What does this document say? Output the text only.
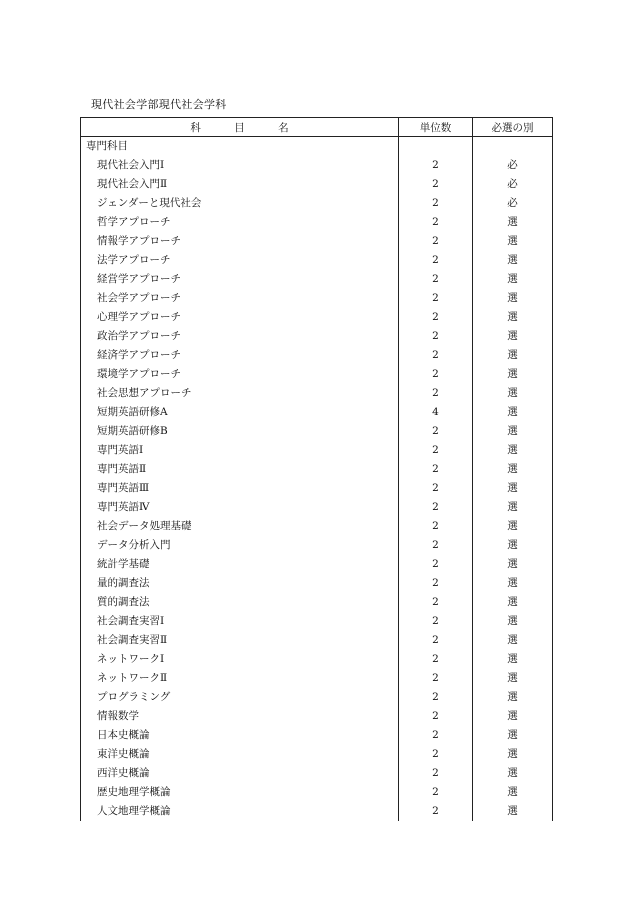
現代社会学部現代社会学科
科 目 名	単位数	必選の別
専門科目		
現代社会入門Ⅰ	2	必
現代社会入門Ⅱ	2	必
ジェンダーと現代社会	2	必
哲学アプローチ	2	選
情報学アプローチ	2	選
法学アプローチ	2	選
経営学アプローチ	2	選
社会学アプローチ	2	選
心理学アプローチ	2	選
政治学アプローチ	2	選
経済学アプローチ	2	選
環境学アプローチ	2	選
社会思想アプローチ	2	選
短期英語研修A	4	選
短期英語研修B	2	選
専門英語Ⅰ	2	選
専門英語Ⅱ	2	選
専門英語Ⅲ	2	選
専門英語Ⅳ	2	選
社会データ処理基礎	2	選
データ分析入門	2	選
統計学基礎	2	選
量的調査法	2	選
質的調査法	2	選
社会調査実習Ⅰ	2	選
社会調査実習Ⅱ	2	選
ネットワークⅠ	2	選
ネットワークⅡ	2	選
プログラミング	2	選
情報数学	2	選
日本史概論	2	選
東洋史概論	2	選
西洋史概論	2	選
歴史地理学概論	2	選
人文地理学概論	2	選
